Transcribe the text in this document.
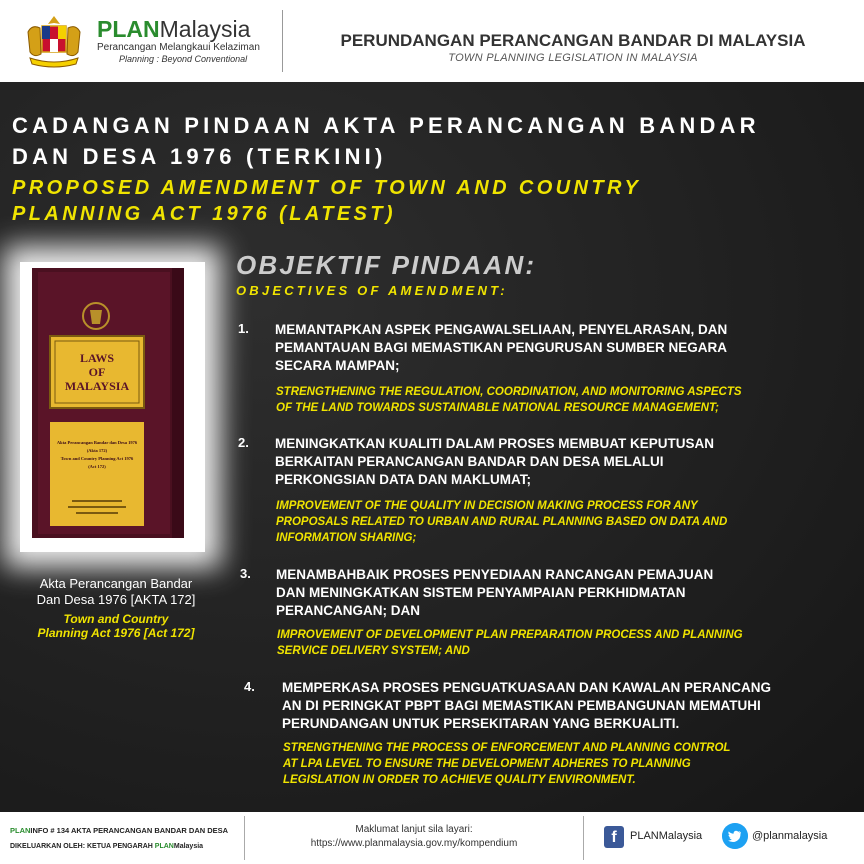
PLANMalaysia
Perancangan Melangkaui Kelaziman
Planning : Beyond Conventional
PERUNDANGAN PERANCANGAN BANDAR DI MALAYSIA
TOWN PLANNING LEGISLATION IN MALAYSIA
CADANGAN PINDAAN AKTA PERANCANGAN BANDAR
DAN DESA 1976 (TERKINI)
PROPOSED AMENDMENT OF TOWN AND COUNTRY
PLANNING ACT 1976 (LATEST)
LAWS
OF
MALAYSIA
Akta Perancangan Bandar dan Desa 1976
(Akta 172)
Town and Country Planning Act 1976
(Act 172)
Akta Perancangan Bandar
Dan Desa 1976 [AKTA 172]
Town and Country
Planning Act 1976 [Act 172]
OBJEKTIF PINDAAN:
OBJECTIVES OF AMENDMENT:
1. MEMANTAPKAN ASPEK PENGAWALSELIAAN, PENYELARASAN, DAN
PEMANTAUAN BAGI MEMASTIKAN PENGURUSAN SUMBER NEGARA
SECARA MAMPAN;
STRENGTHENING THE REGULATION, COORDINATION, AND MONITORING ASPECTS
OF THE LAND TOWARDS SUSTAINABLE NATIONAL RESOURCE MANAGEMENT;
2. MENINGKATKAN KUALITI DALAM PROSES MEMBUAT KEPUTUSAN
BERKAITAN PERANCANGAN BANDAR DAN DESA MELALUI
PERKONGSIAN DATA DAN MAKLUMAT;
IMPROVEMENT OF THE QUALITY IN DECISION MAKING PROCESS FOR ANY
PROPOSALS RELATED TO URBAN AND RURAL PLANNING BASED ON DATA AND
INFORMATION SHARING;
3. MENAMBAHBAIK PROSES PENYEDIAAN RANCANGAN PEMAJUAN
DAN MENINGKATKAN SISTEM PENYAMPAIAN PERKHIDMATAN
PERANCANGAN; DAN
IMPROVEMENT OF DEVELOPMENT PLAN PREPARATION PROCESS AND PLANNING
SERVICE DELIVERY SYSTEM; AND
4. MEMPERKASA PROSES PENGUATKUASAAN DAN KAWALAN PERANCANG
AN DI PERINGKAT PBPT BAGI MEMASTIKAN PEMBANGUNAN MEMATUHI
PERUNDANGAN UNTUK PERSEKITARAN YANG BERKUALITI.
STRENGTHENING THE PROCESS OF ENFORCEMENT AND PLANNING CONTROL
AT LPA LEVEL TO ENSURE THE DEVELOPMENT ADHERES TO PLANNING
LEGISLATION IN ORDER TO ACHIEVE QUALITY ENVIRONMENT.
PLANINFO # 134 AKTA PERANCANGAN BANDAR DAN DESA
DIKELUARKAN OLEH: KETUA PENGARAH PLANMalaysia
Maklumat lanjut sila layari:
https://www.planmalaysia.gov.my/kompendium	f	PLANMalaysia	@planmalaysia
